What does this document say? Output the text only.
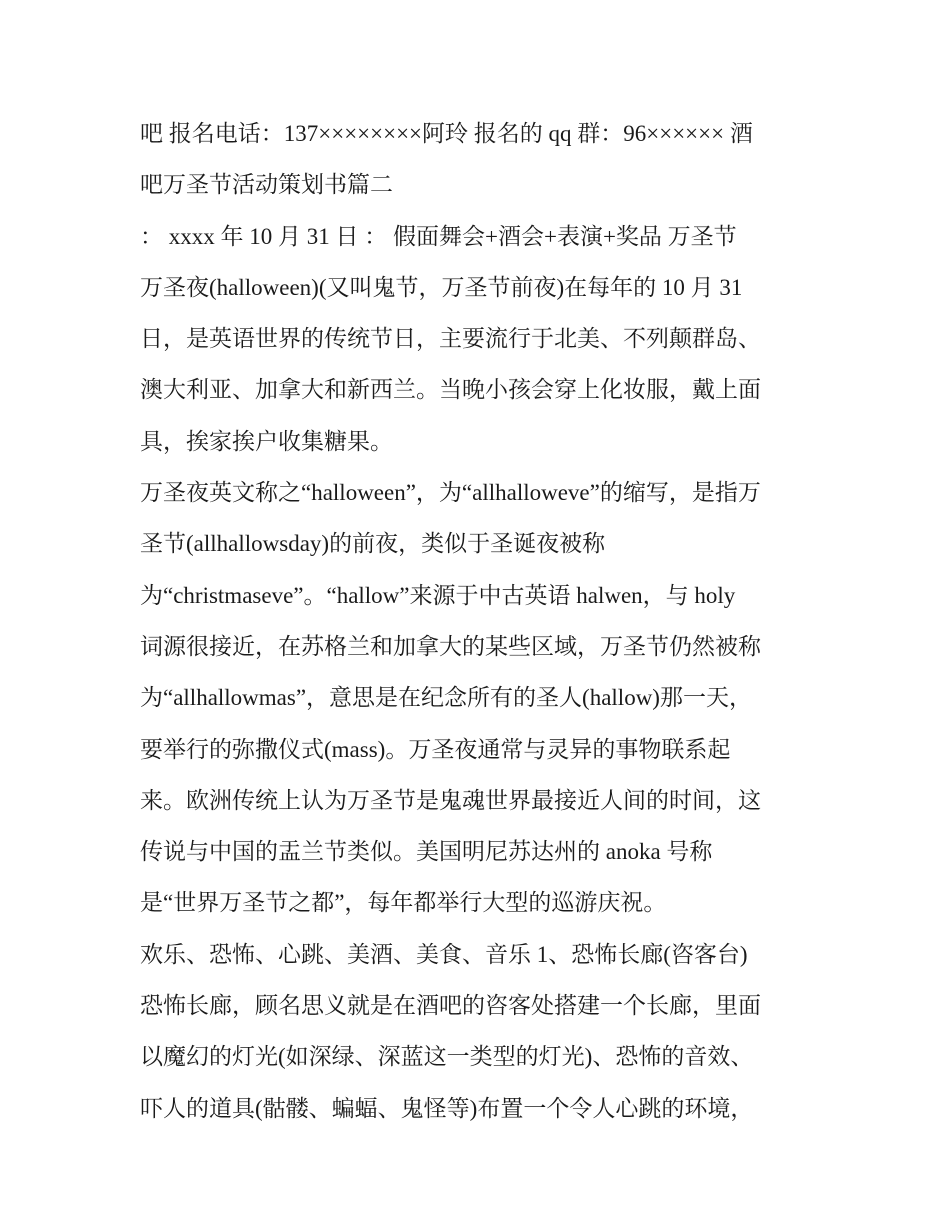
吧 报名电话：137××××××××阿玲 报名的 qq 群：96×××××× 酒
吧万圣节活动策划书篇二
： xxxx 年 10 月 31 日 ： 假面舞会+酒会+表演+奖品 万圣节
万圣夜(halloween)(又叫鬼节，万圣节前夜)在每年的 10 月 31
日，是英语世界的传统节日，主要流行于北美、不列颠群岛、
澳大利亚、加拿大和新西兰。当晚小孩会穿上化妆服，戴上面
具，挨家挨户收集糖果。
万圣夜英文称之“halloween”，为“allhalloweve”的缩写，是指万
圣节(allhallowsday)的前夜，类似于圣诞夜被称
为“christmaseve”。“hallow”来源于中古英语 halwen，与 holy
词源很接近，在苏格兰和加拿大的某些区域，万圣节仍然被称
为“allhallowmas”，意思是在纪念所有的圣人(hallow)那一天，
要举行的弥撒仪式(mass)。万圣夜通常与灵异的事物联系起
来。欧洲传统上认为万圣节是鬼魂世界最接近人间的时间，这
传说与中国的盂兰节类似。美国明尼苏达州的 anoka 号称
是“世界万圣节之都”，每年都举行大型的巡游庆祝。
欢乐、恐怖、心跳、美酒、美食、音乐 1、恐怖长廊(咨客台)
恐怖长廊，顾名思义就是在酒吧的咨客处搭建一个长廊，里面
以魔幻的灯光(如深绿、深蓝这一类型的灯光)、恐怖的音效、
吓人的道具(骷髅、蝙蝠、鬼怪等)布置一个令人心跳的环境，
